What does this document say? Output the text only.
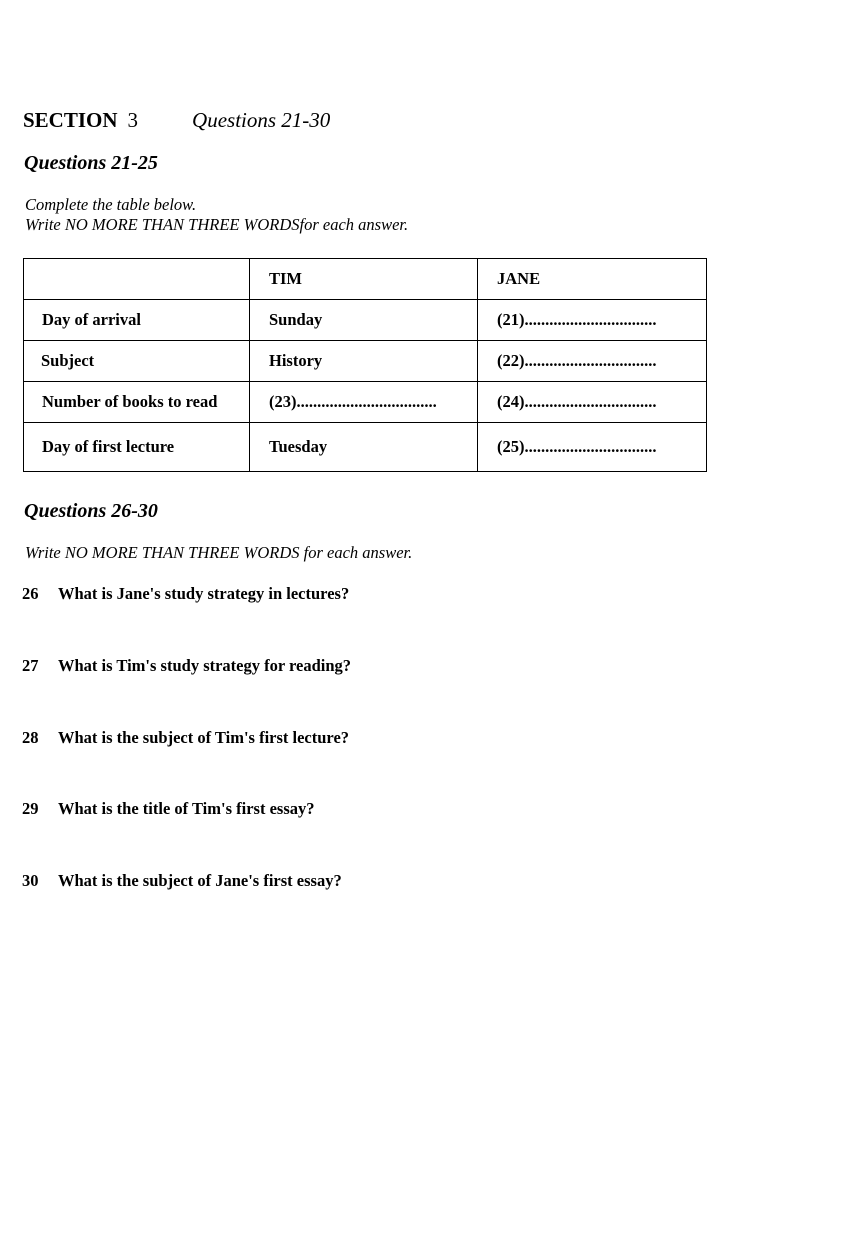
SECTION 3	Questions 21-30
Questions 21-25
Complete the table below.
Write NO MORE THAN THREE WORDSfor each answer.
	TIM	JANE
Day of arrival	Sunday	(21)................................
Subject	History	(22)................................
Number of books to read	(23)..................................	(24)................................
Day of first lecture	Tuesday	(25)................................
Questions 26-30
Write NO MORE THAN THREE WORDS for each answer.
26 What is Jane's study strategy in lectures?
27 What is Tim's study strategy for reading?
28 What is the subject of Tim's first lecture?
29 What is the title of Tim's first essay?
30 What is the subject of Jane's first essay?
